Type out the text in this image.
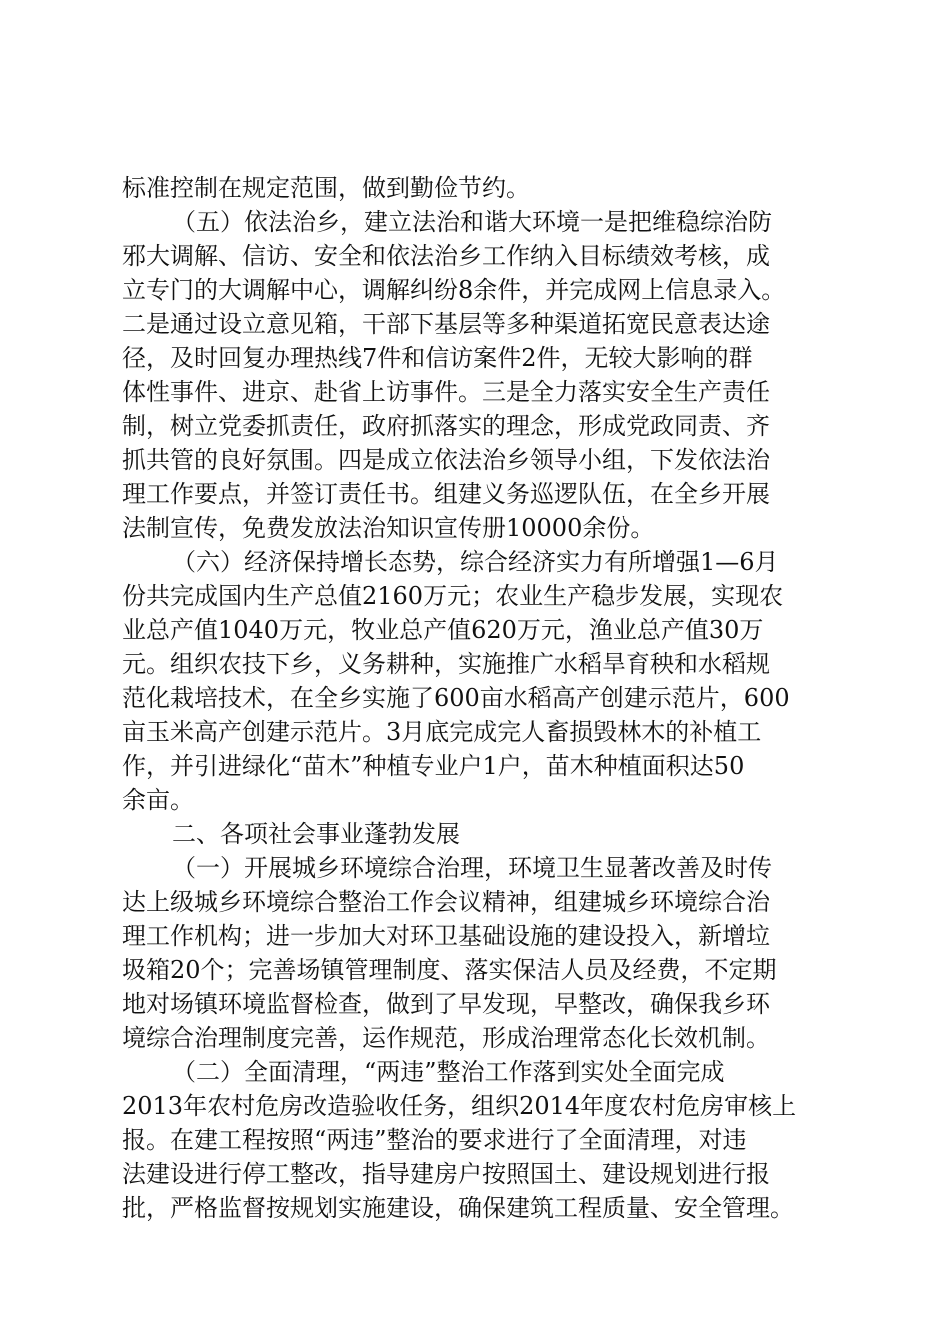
标准控制在规定范围，做到勤俭节约。
（五）依法治乡，建立法治和谐大环境一是把维稳综治防
邪大调解、信访、安全和依法治乡工作纳入目标绩效考核，成
立专门的大调解中心，调解纠纷8余件，并完成网上信息录入。
二是通过设立意见箱，干部下基层等多种渠道拓宽民意表达途
径，及时回复办理热线7件和信访案件2件，无较大影响的群
体性事件、进京、赴省上访事件。三是全力落实安全生产责任
制，树立党委抓责任，政府抓落实的理念，形成党政同责、齐
抓共管的良好氛围。四是成立依法治乡领导小组，下发依法治
理工作要点，并签订责任书。组建义务巡逻队伍，在全乡开展
法制宣传，免费发放法治知识宣传册10000余份。
（六）经济保持增长态势，综合经济实力有所增强1—6月
份共完成国内生产总值2160万元；农业生产稳步发展，实现农
业总产值1040万元，牧业总产值620万元，渔业总产值30万
元。组织农技下乡，义务耕种，实施推广水稻旱育秧和水稻规
范化栽培技术，在全乡实施了600亩水稻高产创建示范片，600
亩玉米高产创建示范片。3月底完成完人畜损毁林木的补植工
作，并引进绿化“苗木”种植专业户1户，苗木种植面积达50
余亩。
二、各项社会事业蓬勃发展
（一）开展城乡环境综合治理，环境卫生显著改善及时传
达上级城乡环境综合整治工作会议精神，组建城乡环境综合治
理工作机构；进一步加大对环卫基础设施的建设投入，新增垃
圾箱20个；完善场镇管理制度、落实保洁人员及经费，不定期
地对场镇环境监督检查，做到了早发现，早整改，确保我乡环
境综合治理制度完善，运作规范，形成治理常态化长效机制。
（二）全面清理，“两违”整治工作落到实处全面完成
2013年农村危房改造验收任务，组织2014年度农村危房审核上
报。在建工程按照“两违”整治的要求进行了全面清理，对违
法建设进行停工整改，指导建房户按照国土、建设规划进行报
批，严格监督按规划实施建设，确保建筑工程质量、安全管理。
